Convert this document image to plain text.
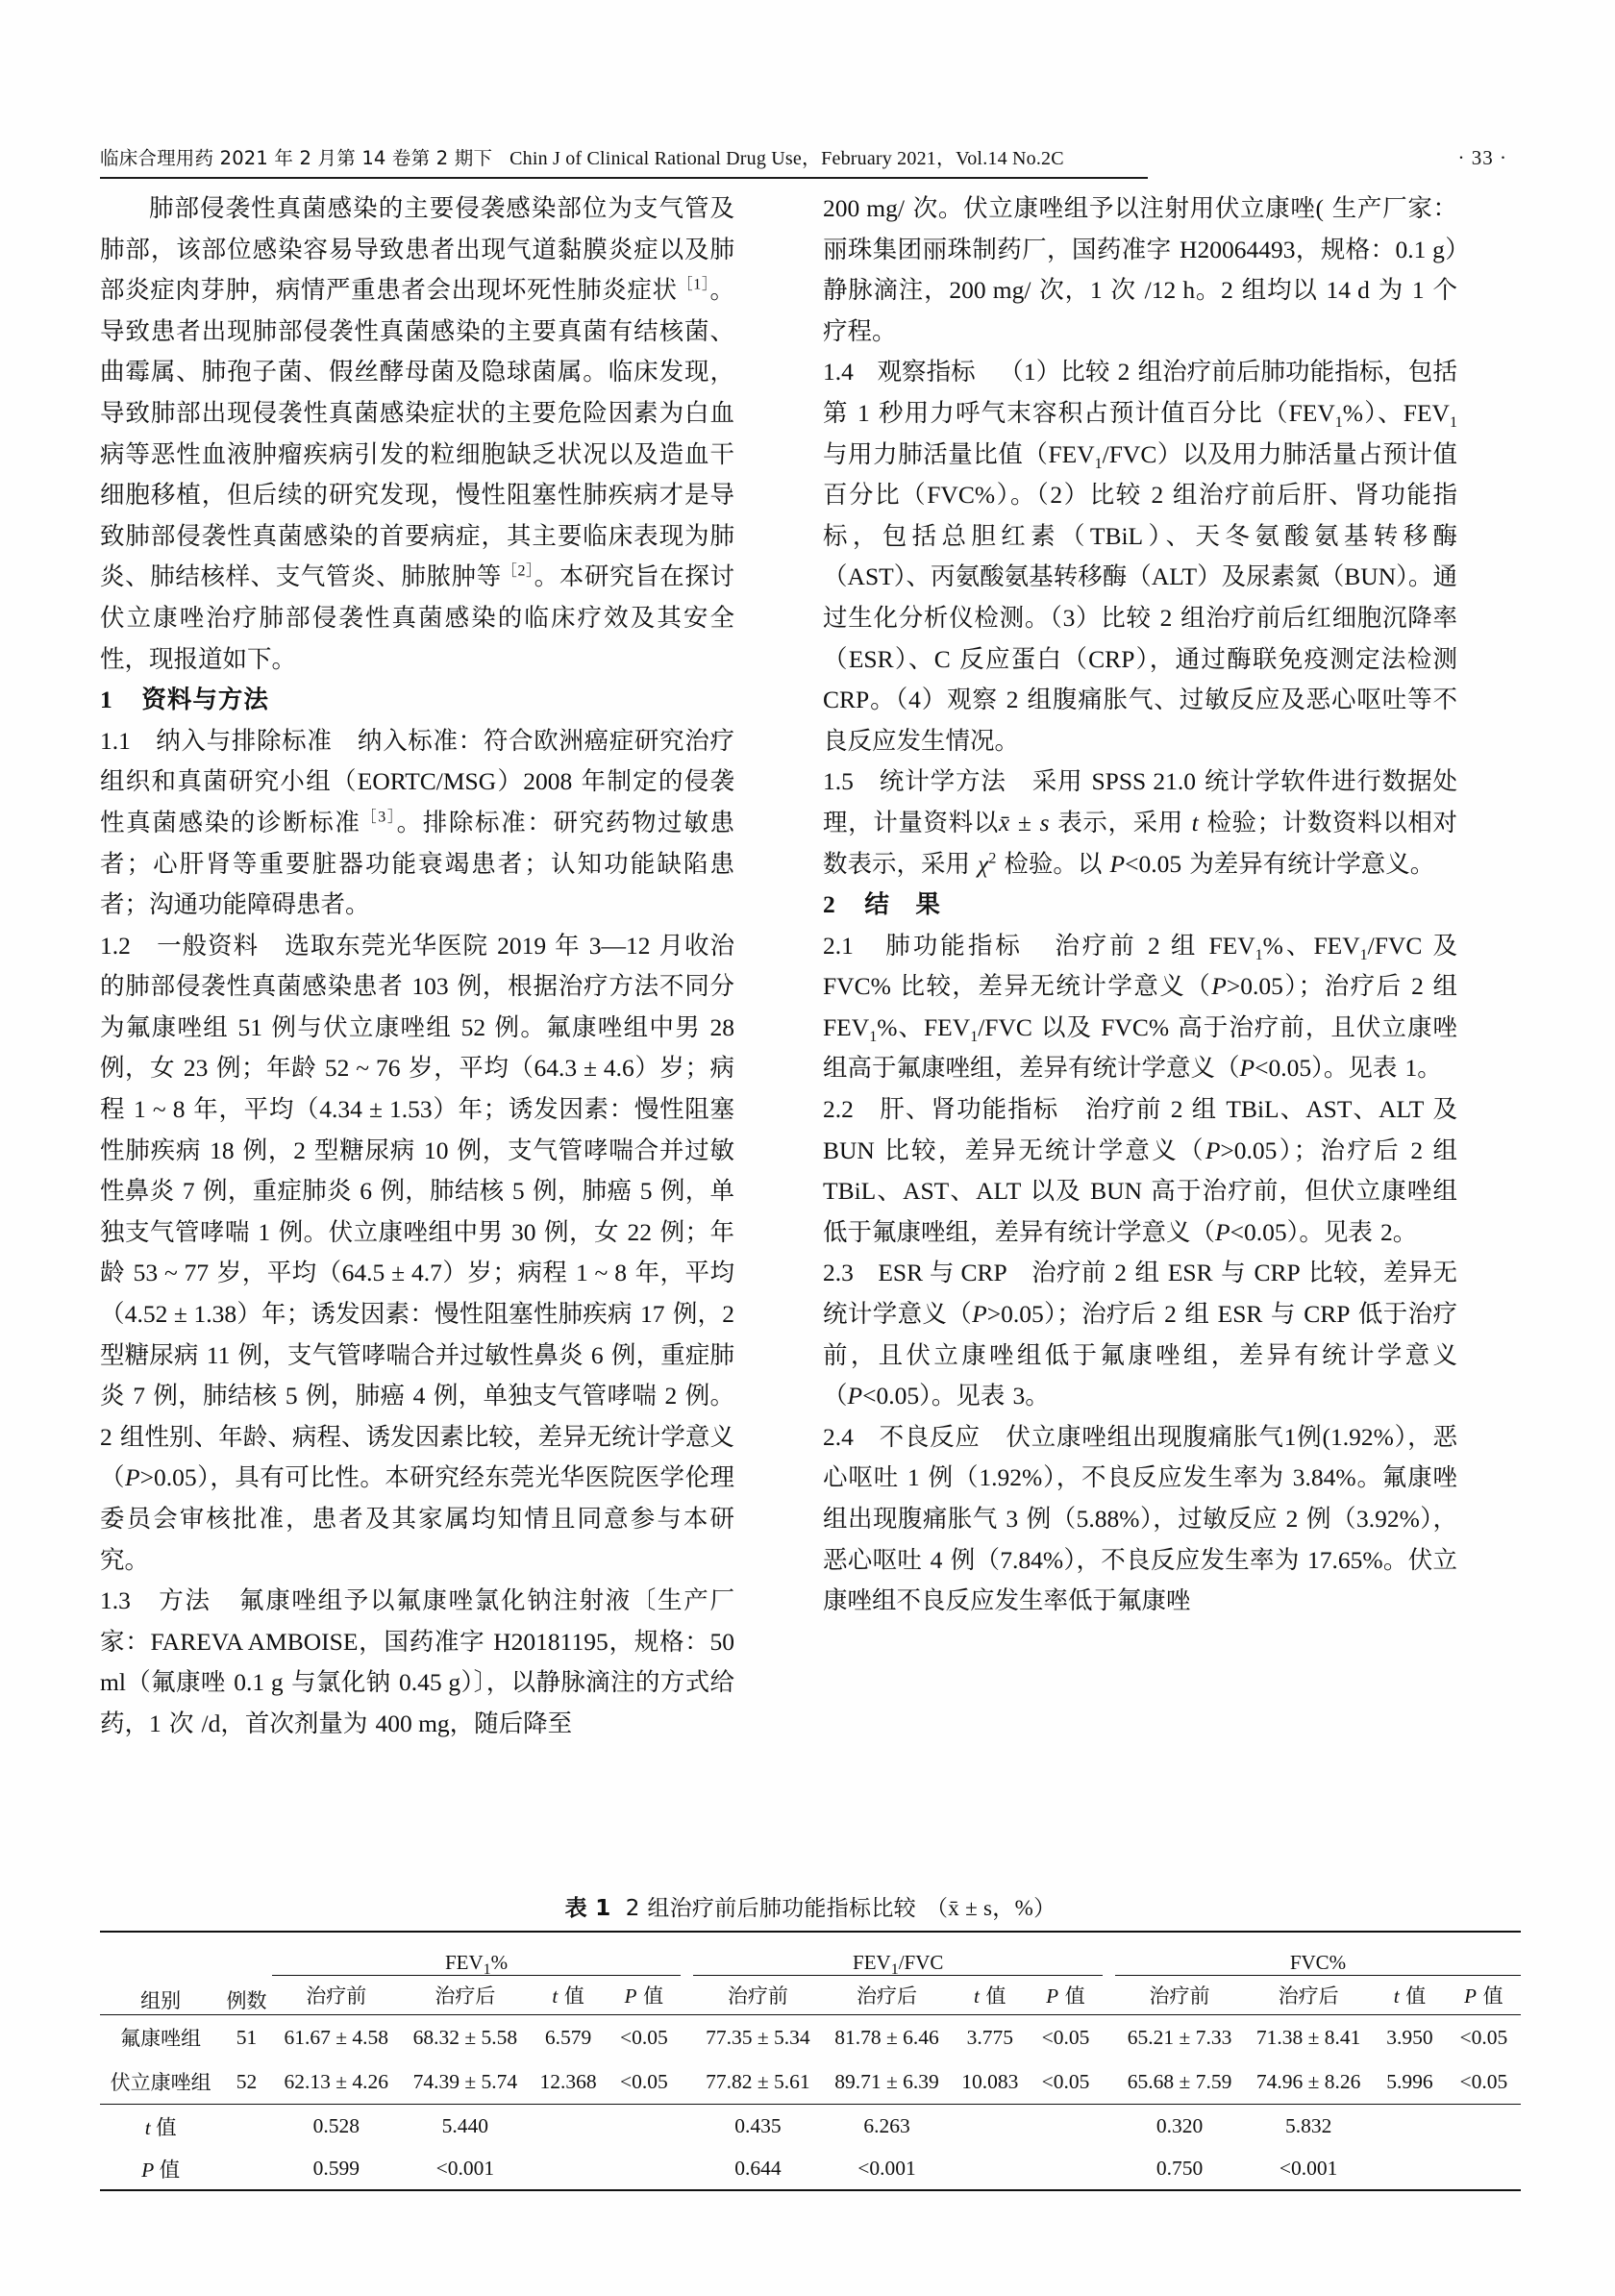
临床合理用药 2021 年 2 月第 14 卷第 2 期下 Chin J of Clinical Rational Drug Use，February 2021，Vol.14 No.2C	· 33 ·

肺部侵袭性真菌感染的主要侵袭感染部位为支气管及肺部，该部位感染容易导致患者出现气道黏膜炎症以及肺部炎症肉芽肿，病情严重患者会出现坏死性肺炎症状$^{[1]}$。导致患者出现肺部侵袭性真菌感染的主要真菌有结核菌、曲霉属、肺孢子菌、假丝酵母菌及隐球菌属。临床发现，导致肺部出现侵袭性真菌感染症状的主要危险因素为白血病等恶性血液肿瘤疾病引发的粒细胞缺乏状况以及造血干细胞移植，但后续的研究发现，慢性阻塞性肺疾病才是导致肺部侵袭性真菌感染的首要病症，其主要临床表现为肺炎、肺结核样、支气管炎、肺脓肿等$^{[2]}$。本研究旨在探讨伏立康唑治疗肺部侵袭性真菌感染的临床疗效及其安全性，现报道如下。

1 资料与方法

1.1 纳入与排除标准   纳入标准：符合欧洲癌症研究治疗组织和真菌研究小组（EORTC/MSG）2008 年制定的侵袭性真菌感染的诊断标准$^{[3]}$。排除标准：研究药物过敏患者；心肝肾等重要脏器功能衰竭患者；认知功能缺陷患者；沟通功能障碍患者。

1.2 一般资料   选取东莞光华医院 2019 年 3—12 月收治的肺部侵袭性真菌感染患者 103 例，根据治疗方法不同分为氟康唑组 51 例与伏立康唑组 52 例。氟康唑组中男 28 例，女 23 例；年龄 52 ~ 76 岁，平均（64.3 ± 4.6）岁；病程 1 ~ 8 年，平均（4.34 ± 1.53）年；诱发因素：慢性阻塞性肺疾病 18 例，2 型糖尿病 10 例，支气管哮喘合并过敏性鼻炎 7 例，重症肺炎 6 例，肺结核 5 例，肺癌 5 例，单独支气管哮喘 1 例。伏立康唑组中男 30 例，女 22 例；年龄 53 ~ 77 岁，平均（64.5 ± 4.7）岁；病程 1 ~ 8 年，平均（4.52 ± 1.38）年；诱发因素：慢性阻塞性肺疾病 17 例，2 型糖尿病 11 例，支气管哮喘合并过敏性鼻炎 6 例，重症肺炎 7 例，肺结核 5 例，肺癌 4 例，单独支气管哮喘 2 例。2 组性别、年龄、病程、诱发因素比较，差异无统计学意义（P>0.05），具有可比性。本研究经东莞光华医院医学伦理委员会审核批准，患者及其家属均知情且同意参与本研究。

1.3 方法   氟康唑组予以氟康唑氯化钠注射液〔生产厂家：FAREVA AMBOISE，国药准字 H20181195，规格：50 ml（氟康唑 0.1 g 与氯化钠 0.45 g）〕，以静脉滴注的方式给药，1 次 /d，首次剂量为 400 mg，随后降至

200 mg/ 次。伏立康唑组予以注射用伏立康唑( 生产厂家：丽珠集团丽珠制药厂，国药准字 H20064493，规格：0.1 g）静脉滴注，200 mg/ 次，1 次 /12 h。2 组均以 14 d 为 1 个疗程。

1.4 观察指标   （1）比较 2 组治疗前后肺功能指标，包括第 1 秒用力呼气末容积占预计值百分比$(FEV_1\%)$、$FEV_1$ 与用力肺活量比值$(FEV_1/FVC)$以及用力肺活量占预计值百分比（FVC%）。（2）比较 2 组治疗前后肝、肾功能指标，包括总胆红素（TBiL）、天冬氨酸氨基转移酶（AST）、丙氨酸氨基转移酶（ALT）及尿素氮（BUN）。通过生化分析仪检测。（3）比较 2 组治疗前后红细胞沉降率（ESR）、C 反应蛋白（CRP），通过酶联免疫测定法检测 CRP。（4）观察 2 组腹痛胀气、过敏反应及恶心呕吐等不良反应发生情况。

1.5 统计学方法   采用 SPSS 21.0 统计学软件进行数据处理，计量资料以x̄ ± s 表示，采用 t 检验；计数资料以相对数表示，采用 χ$^2$ 检验。以 P<0.05 为差异有统计学意义。

2 结　果

2.1 肺功能指标   治疗前 2 组 $FEV_1\%$、$FEV_1$/FVC 及 FVC% 比较，差异无统计学意义（P>0.05）；治疗后 2 组 $FEV_1\%$、$FEV_1$/FVC 以及 FVC% 高于治疗前，且伏立康唑组高于氟康唑组，差异有统计学意义（P<0.05）。见表 1。

2.2 肝、肾功能指标   治疗前 2 组 TBiL、AST、ALT 及 BUN 比较，差异无统计学意义（P>0.05）；治疗后 2 组 TBiL、AST、ALT 以及 BUN 高于治疗前，但伏立康唑组低于氟康唑组，差异有统计学意义（P<0.05）。见表 2。

2.3 ESR 与 CRP   治疗前 2 组 ESR 与 CRP 比较，差异无统计学意义（P>0.05）；治疗后 2 组 ESR 与 CRP 低于治疗前，且伏立康唑组低于氟康唑组，差异有统计学意义（P<0.05）。见表 3。

2.4 不良反应   伏立康唑组出现腹痛胀气1例(1.92%），恶心呕吐 1 例（1.92%），不良反应发生率为 3.84%。氟康唑组出现腹痛胀气 3 例（5.88%），过敏反应 2 例（3.92%），恶心呕吐 4 例（7.84%），不良反应发生率为 17.65%。伏立康唑组不良反应发生率低于氟康唑

表 1 2 组治疗前后肺功能指标比较 （x̄ ± s，%）
组别	例数	$FEV_1\%$					$FEV_1$/FVC					FVC%			
		治疗前	治疗后	t 值	P 值		治疗前	治疗后	t 值	P 值		治疗前	治疗后	t 值	P 值
氟康唑组	51	61.67 ± 4.58	68.32 ± 5.58	6.579	<0.05		77.35 ± 5.34	81.78 ± 6.46	3.775	<0.05		65.21 ± 7.33	71.38 ± 8.41	3.950	<0.05
伏立康唑组	52	62.13 ± 4.26	74.39 ± 5.74	12.368	<0.05		77.82 ± 5.61	89.71 ± 6.39	10.083	<0.05		65.68 ± 7.59	74.96 ± 8.26	5.996	<0.05
t 值		0.528	5.440				0.435	6.263				0.320	5.832		
P 值		0.599	<0.001				0.644	<0.001				0.750	<0.001		
